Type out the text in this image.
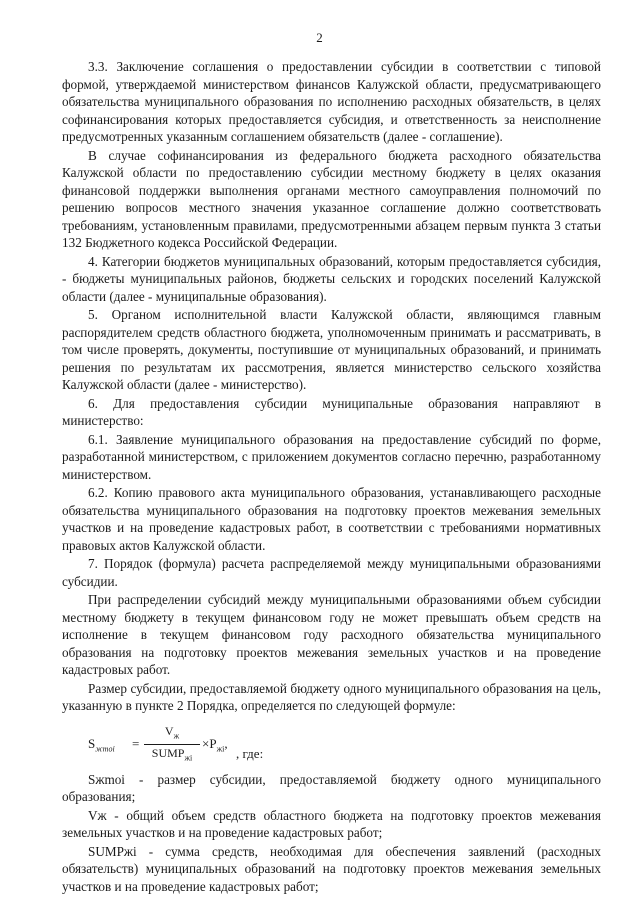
2

3.3. Заключение соглашения о предоставлении субсидии в соответствии с типовой формой, утверждаемой министерством финансов Калужской области, предусматривающего обязательства муниципального образования по исполнению расходных обязательств, в целях софинансирования которых предоставляется субсидия, и ответственность за неисполнение предусмотренных указанным соглашением обязательств (далее - соглашение).

В случае софинансирования из федерального бюджета расходного обязательства Калужской области по предоставлению субсидии местному бюджету в целях оказания финансовой поддержки выполнения органами местного самоуправления полномочий по решению вопросов местного значения указанное соглашение должно соответствовать требованиям, установленным правилами, предусмотренными абзацем первым пункта 3 статьи 132 Бюджетного кодекса Российской Федерации.

4. Категории бюджетов муниципальных образований, которым предоставляется субсидия, - бюджеты муниципальных районов, бюджеты сельских и городских поселений Калужской области (далее - муниципальные образования).

5. Органом исполнительной власти Калужской области, являющимся главным распорядителем средств областного бюджета, уполномоченным принимать и рассматривать, в том числе проверять, документы, поступившие от муниципальных образований, и принимать решения по результатам их рассмотрения, является министерство сельского хозяйства Калужской области (далее - министерство).

6. Для предоставления субсидии муниципальные образования направляют в министерство:

6.1. Заявление муниципального образования на предоставление субсидий по форме, разработанной министерством, с приложением документов согласно перечню, разработанному министерством.

6.2. Копию правового акта муниципального образования, устанавливающего расходные обязательства муниципального образования на подготовку проектов межевания земельных участков и на проведение кадастровых работ, в соответствии с требованиями нормативных правовых актов Калужской области.

7. Порядок (формула) расчета распределяемой между муниципальными образованиями субсидии.

При распределении субсидий между муниципальными образованиями объем субсидии местному бюджету в текущем финансовом году не может превышать объем средств на исполнение в текущем финансовом году расходного обязательства муниципального образования на подготовку проектов межевания земельных участков и на проведение кадастровых работ.

Размер субсидии, предоставляемой бюджету одного муниципального образования на цель, указанную в пункте 2 Порядка, определяется по следующей формуле:

$S_{жmoi}$ =
$V_ж$
$SUMP_{жi}$
$\times P_{жi}$,
, где:

Sжmoi - размер субсидии, предоставляемой бюджету одного муниципального образования;

Vж - общий объем средств областного бюджета на подготовку проектов межевания земельных участков и на проведение кадастровых работ;

SUMPжi - сумма средств, необходимая для обеспечения заявлений (расходных обязательств) муниципальных образований на подготовку проектов межевания земельных участков и на проведение кадастровых работ;
